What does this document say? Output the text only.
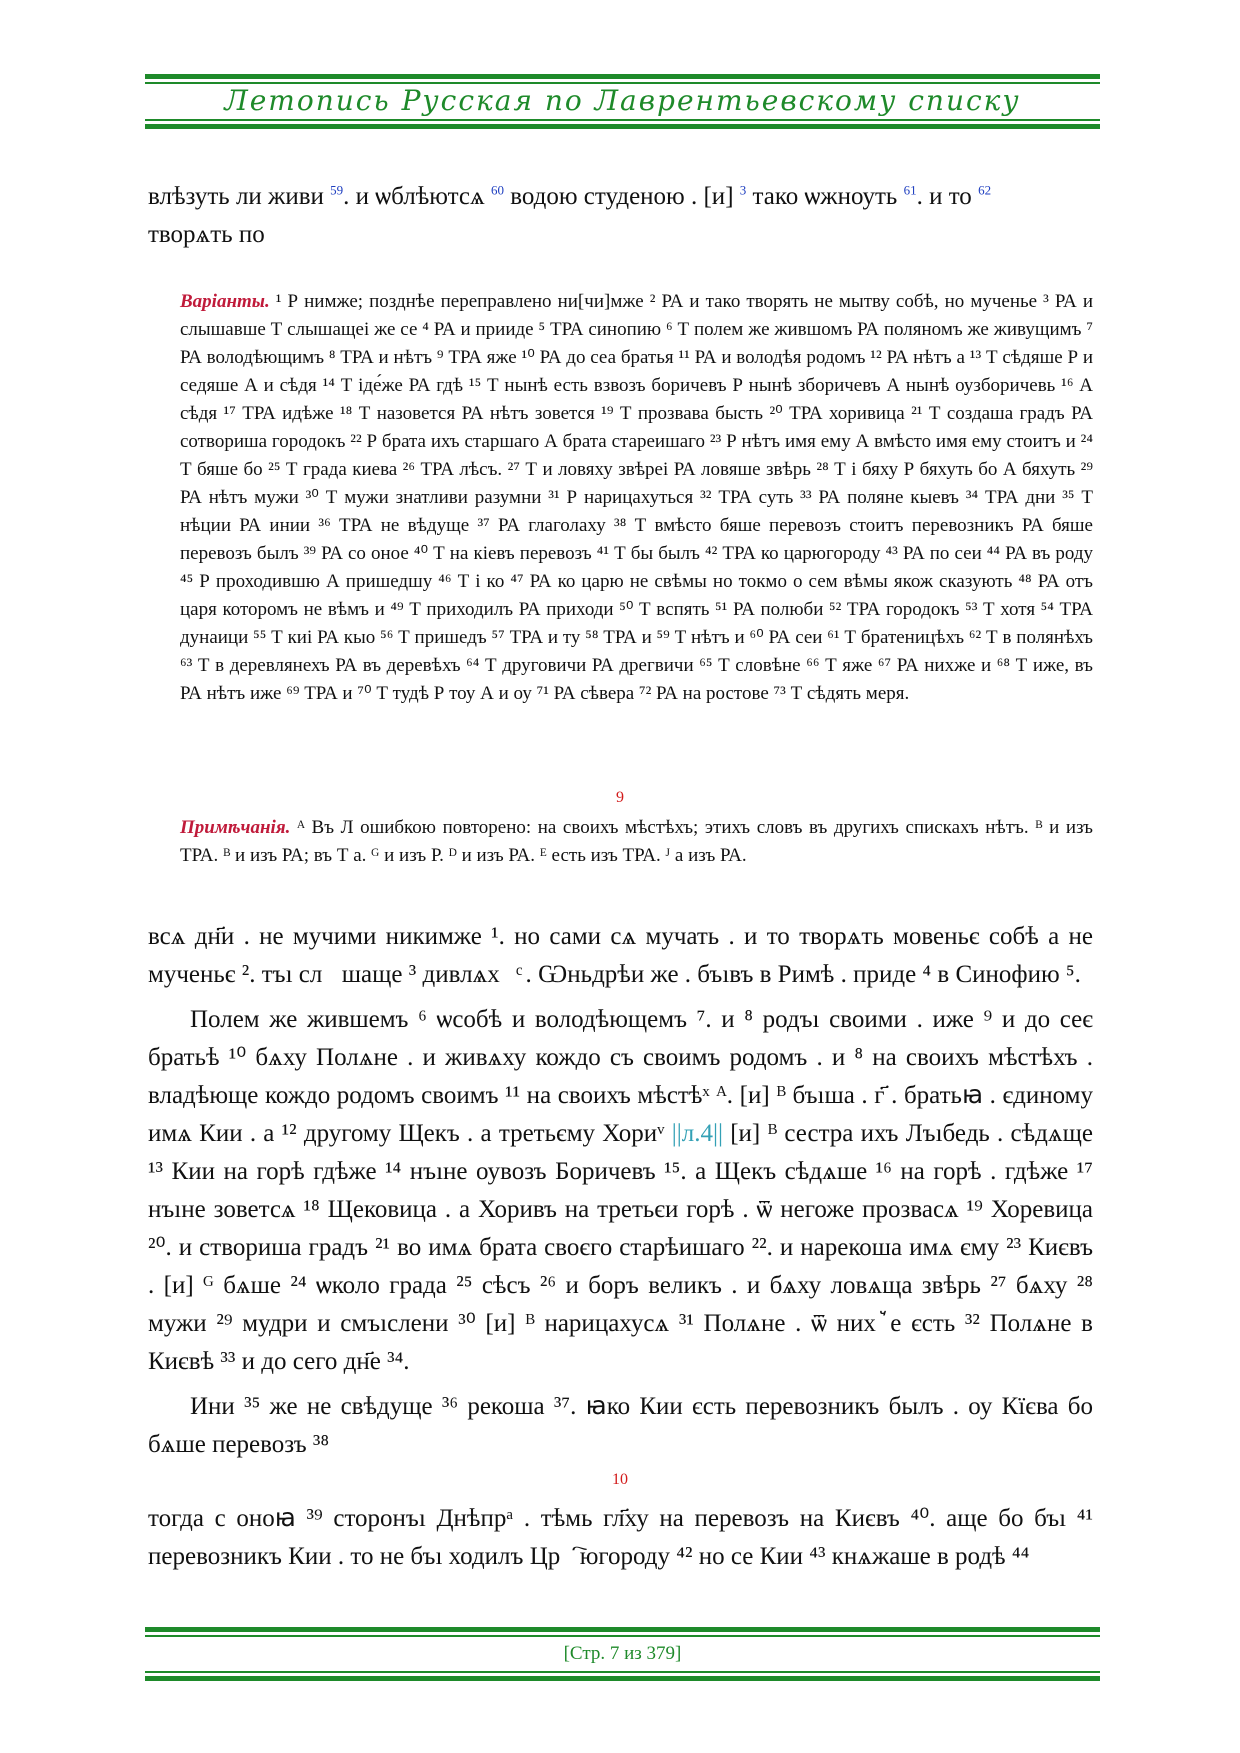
Летопись Русская по Лаврентьевскому списку
влѣзуть ли живи $^{59}$. и ѡблѣютсѧ $^{60}$ водою студеною . [и] $^3$ тако ѡжноуть $^{61}$. и то $^{62}$
творѧть по
Варіанты. ¹ Р нимже; позднѣе переправлено ни[чи]мже ² РА и тако творять не мытву собѣ, но мученье ³ РА и слышавше Т слышащеі же се ⁴ РА и прииде ⁵ ТРА синопию ⁶ Т полем же жившомъ РА поляномъ же живущимъ ⁷ РА володѣющимъ ⁸ ТРА и нѣтъ ⁹ ТРА яже ¹⁰ РА до сеа братья ¹¹ РА и володѣя родомъ ¹² РА нѣтъ а ¹³ Т сѣдяше Р и седяше А и сѣдя ¹⁴ Т іде́же РА гдѣ ¹⁵ Т нынѣ есть взвозъ боричевъ Р нынѣ зборичевъ А нынѣ оузборичевь ¹⁶ А сѣдя ¹⁷ ТРА идѣже ¹⁸ Т назовется РА нѣтъ зовется ¹⁹ Т прозвава бысть ²⁰ ТРА хоривица ²¹ Т создаша градъ РА сотвориша городокъ ²² Р брата ихъ старшаго А брата стареишаго ²³ Р нѣтъ имя ему А вмѣсто имя ему стоитъ и ²⁴ Т бяше бо ²⁵ Т града киева ²⁶ ТРА лѣсъ. ²⁷ Т и ловяху звѣреі РА ловяше звѣрь ²⁸ Т і бяху Р бяхуть бо А бяхуть ²⁹ РА нѣтъ мужи ³⁰ Т мужи знатливи разумни ³¹ Р нарицахуться ³² ТРА суть ³³ РА поляне кыевъ ³⁴ ТРА дни ³⁵ Т нѣции РА инии ³⁶ ТРА не вѣдуще ³⁷ РА глаголаху ³⁸ Т вмѣсто бяше перевозъ стоитъ перевозникъ РА бяше перевозъ былъ ³⁹ РА со оное ⁴⁰ Т на кіевъ перевозъ ⁴¹ Т бы былъ ⁴² ТРА ко царюгороду ⁴³ РА по сеи ⁴⁴ РА въ роду ⁴⁵ Р проходившю А пришедшу ⁴⁶ Т і ко ⁴⁷ РА ко царю не свѣмы но токмо о сем вѣмы якож сказують ⁴⁸ РА отъ царя которомъ не вѣмъ и ⁴⁹ Т приходилъ РА приходи ⁵⁰ Т вспять ⁵¹ РА полюби ⁵² ТРА городокъ ⁵³ Т хотя ⁵⁴ ТРА дунаици ⁵⁵ Т киі РА кыо ⁵⁶ Т пришедъ ⁵⁷ ТРА и ту ⁵⁸ ТРА и ⁵⁹ Т нѣтъ и ⁶⁰ РА сеи ⁶¹ Т братеницѣхъ ⁶² Т в полянѣхъ ⁶³ Т в деревлянехъ РА въ деревѣхъ ⁶⁴ Т друговичи РА дрегвичи ⁶⁵ Т словѣне ⁶⁶ Т яже ⁶⁷ РА нихже и ⁶⁸ Т иже, въ РА нѣтъ иже ⁶⁹ ТРА и ⁷⁰ Т тудѣ Р тоу А и оу ⁷¹ РА сѣвера ⁷² РА на ростове ⁷³ Т сѣдять меря.
9
Примѣчанія. ᴬ Въ Л ошибкою повторено: на своихъ мѣстѣхъ; этихъ словъ въ другихъ спискахъ нѣтъ. ᴮ и изъ ТРА. ᴮ и изъ РА; въ Т а. ᴳ и изъ Р. ᴰ и изъ РА. ᴱ есть изъ ТРА. ᴶ а изъ РА.

всѧ дн҃и . не мучими никимже ¹. но сами сѧ мучать . и то творѧть мовеньє собѣ а не мученьє ². тъı сл꙯шаще ³ дивлѧхꙋͨ . Ѡньдрѣи же . бъıвъ в Римѣ . приде ⁴ в Синофию ⁵.

Полем же жившемъ ⁶ ѡсобѣ и володѣющемъ ⁷. и ⁸ родъı своими . иже ⁹ и до сеє братьѣ ¹⁰ бѧху Полѧне . и живѧху кождо съ своимъ родомъ . и ⁸ на своихъ мѣстѣхъ . владѣюще кождо родомъ своимъ ¹¹ на своихъ мѣстѣˣ ᴬ. [и] ᴮ бъıша . г҃ . братьꙗ . єдиному имѧ Кии . а ¹² другому Щекъ . а третьєму Хориᵛ ||л.4|| [и] ᴮ сестра ихъ Лъıбедь . сѣдѧще ¹³ Кии на горѣ гдѣже ¹⁴ нъıне оувозъ Боричевъ ¹⁵. а Щекъ сѣдѧше ¹⁶ на горѣ . гдѣже ¹⁷ нъıне зоветсѧ ¹⁸ Щековица . а Хоривъ на третьєи горѣ . ѿ негоже прозвасѧ ¹⁹ Хоревица ²⁰. и створиша градъ ²¹ во имѧ брата своєго старѣишаго ²². и нарекоша имѧ єму ²³ Києвъ . [и] ᴳ бѧше ²⁴ ѡколо града ²⁵ сѣсъ ²⁶ и боръ великъ . и бѧху ловѧща звѣрь ²⁷ бѧху ²⁸ мужи ²⁹ мудри и смъıслени ³⁰ [и] ᴮ нарицахусѧ ³¹ Полѧне . ѿ нихꙿе єсть ³² Полѧне в Києвѣ ³³ и до сего дн҃е ³⁴.

Ини ³⁵ же не свѣдуще ³⁶ рекоша ³⁷. ꙗко Кии єсть перевозникъ былъ . оу Кїєва бо бѧше перевозъ ³⁸

10

тогда с оноꙗ ³⁹ сторонъı Днѣпрᵃ . тѣмь гл҃ху на перевозъ на Києвъ ⁴⁰. аще бо бъı ⁴¹ перевозникъ Кии . то не бъı ходилъ Црⷭ҇югороду ⁴² но се Кии ⁴³ кнѧжаше в родѣ ⁴⁴

[Стр. 7 из 379]
